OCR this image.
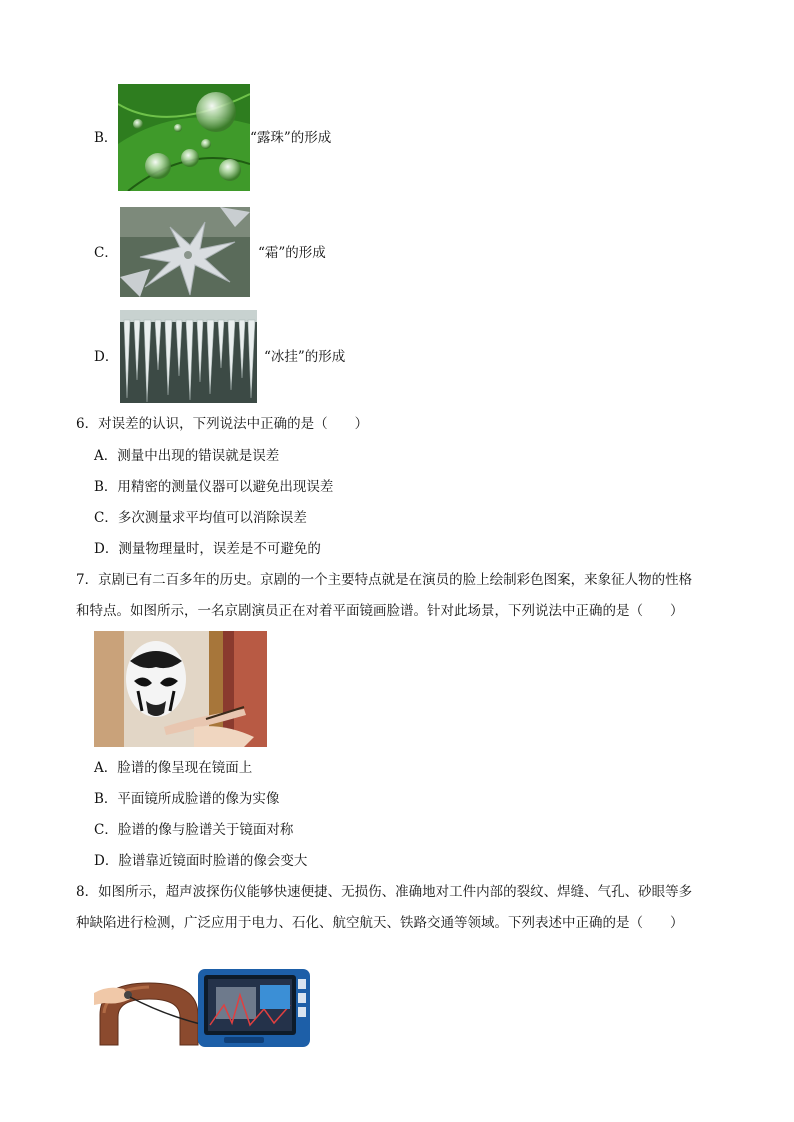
B．	“露珠”的形成
C．	“霜”的形成
D．	“冰挂”的形成
6．对误差的认识，下列说法中正确的是（　　）
A．测量中出现的错误就是误差
B．用精密的测量仪器可以避免出现误差
C．多次测量求平均值可以消除误差
D．测量物理量时，误差是不可避免的
7．京剧已有二百多年的历史。京剧的一个主要特点就是在演员的脸上绘制彩色图案，来象征人物的性格
和特点。如图所示，一名京剧演员正在对着平面镜画脸谱。针对此场景，下列说法中正确的是（　　）
A．脸谱的像呈现在镜面上
B．平面镜所成脸谱的像为实像
C．脸谱的像与脸谱关于镜面对称
D．脸谱靠近镜面时脸谱的像会变大
8．如图所示，超声波探伤仪能够快速便捷、无损伤、准确地对工件内部的裂纹、焊缝、气孔、砂眼等多
种缺陷进行检测，广泛应用于电力、石化、航空航天、铁路交通等领域。下列表述中正确的是（　　）
